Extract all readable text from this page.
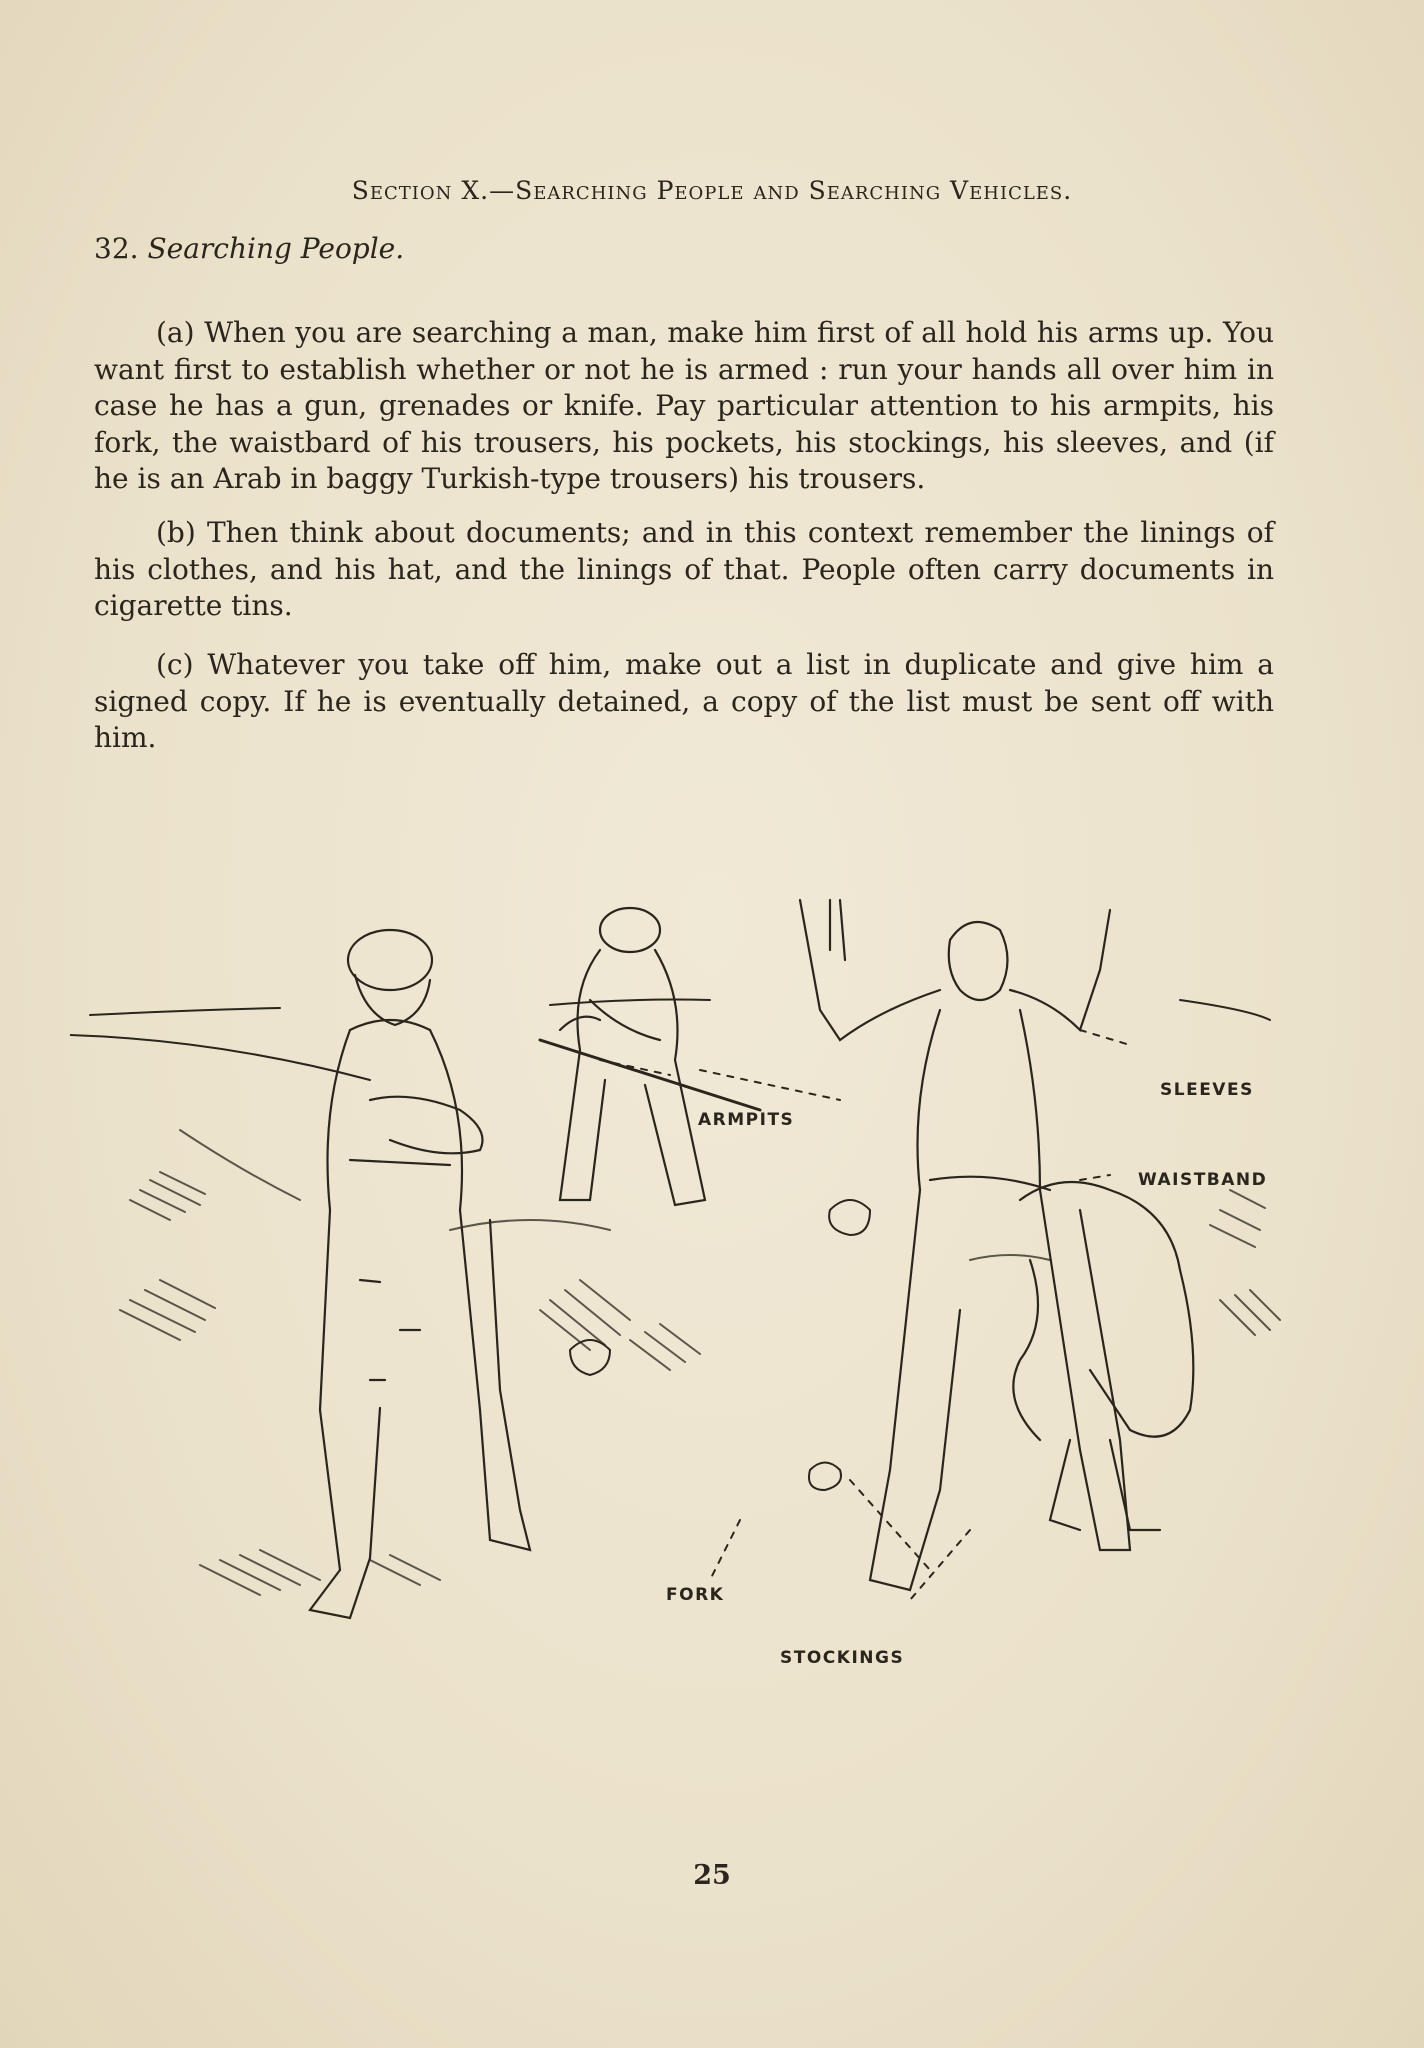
Section X.—Searching People and Searching Vehicles.
32. Searching People.

(a) When you are searching a man, make him first of all hold his arms up. You want first to establish whether or not he is armed : run your hands all over him in case he has a gun, grenades or knife. Pay particular attention to his armpits, his fork, the waistbard of his trousers, his pockets, his stockings, his sleeves, and (if he is an Arab in baggy Turkish-type trousers) his trousers.

(b) Then think about documents; and in this context remember the linings of his clothes, and his hat, and the linings of that. People often carry documents in cigarette tins.

(c) Whatever you take off him, make out a list in duplicate and give him a signed copy. If he is eventually detained, a copy of the list must be sent off with him.

SLEEVES
WAISTBAND
ARMPITS
FORK
STOCKINGS
25
